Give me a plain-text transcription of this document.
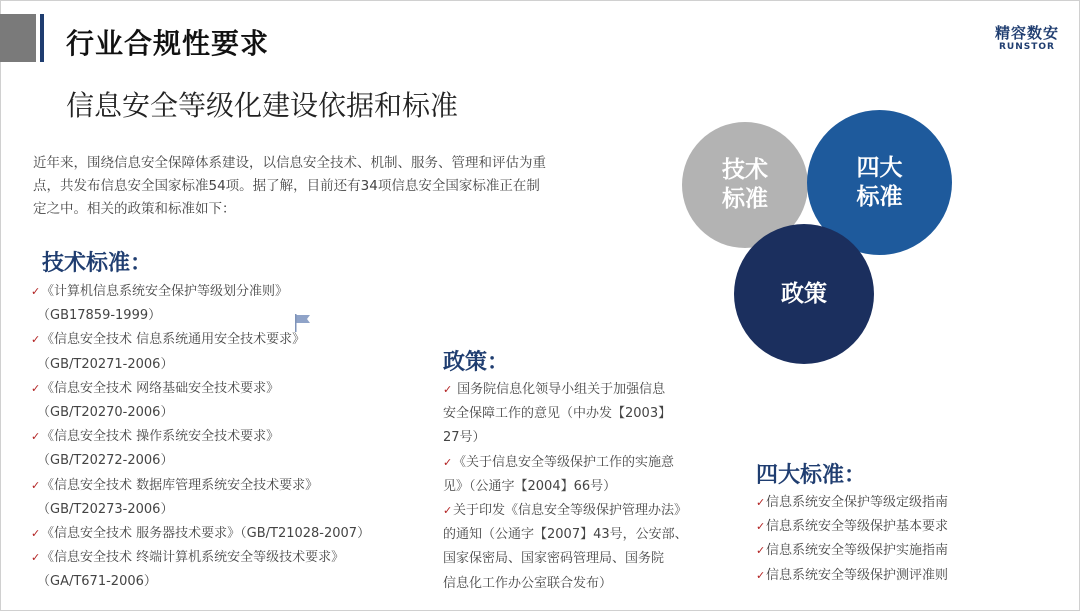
行业合规性要求	精容数安
RUNSTOR
信息安全等级化建设依据和标准
近年来，围绕信息安全保障体系建设，以信息安全技术、机制、服务、管理和评估为重
点，共发布信息安全国家标准54项。据了解，目前还有34项信息安全国家标准正在制
定之中。相关的政策和标准如下：
技术标准：
✓《计算机信息系统安全保护等级划分准则》
（GB17859-1999）
✓《信息安全技术 信息系统通用安全技术要求》
（GB/T20271-2006）
✓《信息安全技术 网络基础安全技术要求》
（GB/T20270-2006）
✓《信息安全技术 操作系统安全技术要求》
（GB/T20272-2006）
✓《信息安全技术 数据库管理系统安全技术要求》
（GB/T20273-2006）
✓《信息安全技术 服务器技术要求》（GB/T21028-2007）
✓《信息安全技术 终端计算机系统安全等级技术要求》
（GA/T671-2006）
政策：
✓ 国务院信息化领导小组关于加强信息
安全保障工作的意见（中办发【2003】
27号）
✓《关于信息安全等级保护工作的实施意
见》（公通字【2004】66号）
✓关于印发《信息安全等级保护管理办法》
的通知（公通字【2007】43号，公安部、
国家保密局、国家密码管理局、国务院
信息化工作办公室联合发布）
四大标准：
✓信息系统安全保护等级定级指南
✓信息系统安全等级保护基本要求
✓信息系统安全等级保护实施指南
✓信息系统安全等级保护测评准则
技术
标准
四大
标准
政策
